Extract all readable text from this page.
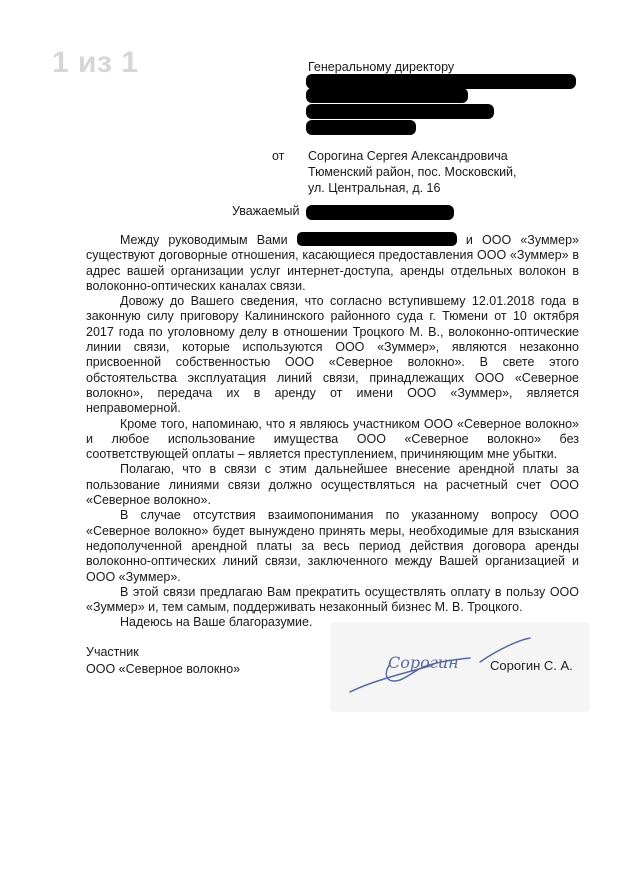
1 из 1	Генеральному директору
от Сорогина Сергея Александровича
Тюменский район, пос. Московский,
ул. Центральная, д. 16
Уважаемый

Между руководимым Вами	и ООО «Зуммер» существуют договорные отношения, касающиеся предоставления ООО «Зуммер» в адрес вашей организации услуг интернет-доступа, аренды отдельных волокон в волоконно-оптических каналах связи.

Довожу до Вашего сведения, что согласно вступившему 12.01.2018 года в законную силу приговору Калининского районного суда г. Тюмени от 10 октября 2017 года по уголовному делу в отношении Троцкого М. В., волоконно-оптические линии связи, которые используются ООО «Зуммер», являются незаконно присвоенной собственностью ООО «Северное волокно». В свете этого обстоятельства эксплуатация линий связи, принадлежащих ООО «Северное волокно», передача их в аренду от имени ООО «Зуммер», является неправомерной.

Кроме того, напоминаю, что я являюсь участником ООО «Северное волокно» и любое использование имущества ООО «Северное волокно» без соответствующей оплаты – является преступлением, причиняющим мне убытки.

Полагаю, что в связи с этим дальнейшее внесение арендной платы за пользование линиями связи должно осуществляться на расчетный счет ООО «Северное волокно».

В случае отсутствия взаимопонимания по указанному вопросу ООО «Северное волокно» будет вынуждено принять меры, необходимые для взыскания недополученной арендной платы за весь период действия договора аренды волоконно-оптических линий связи, заключенного между Вашей организацией и ООО «Зуммер».

В этой связи предлагаю Вам прекратить осуществлять оплату в пользу ООО «Зуммер» и, тем самым, поддерживать незаконный бизнес М. В. Троцкого.

Надеюсь на Ваше благоразумие.

Участник
ООО «Северное волокно»	Сорогин Сорогин С. А.
